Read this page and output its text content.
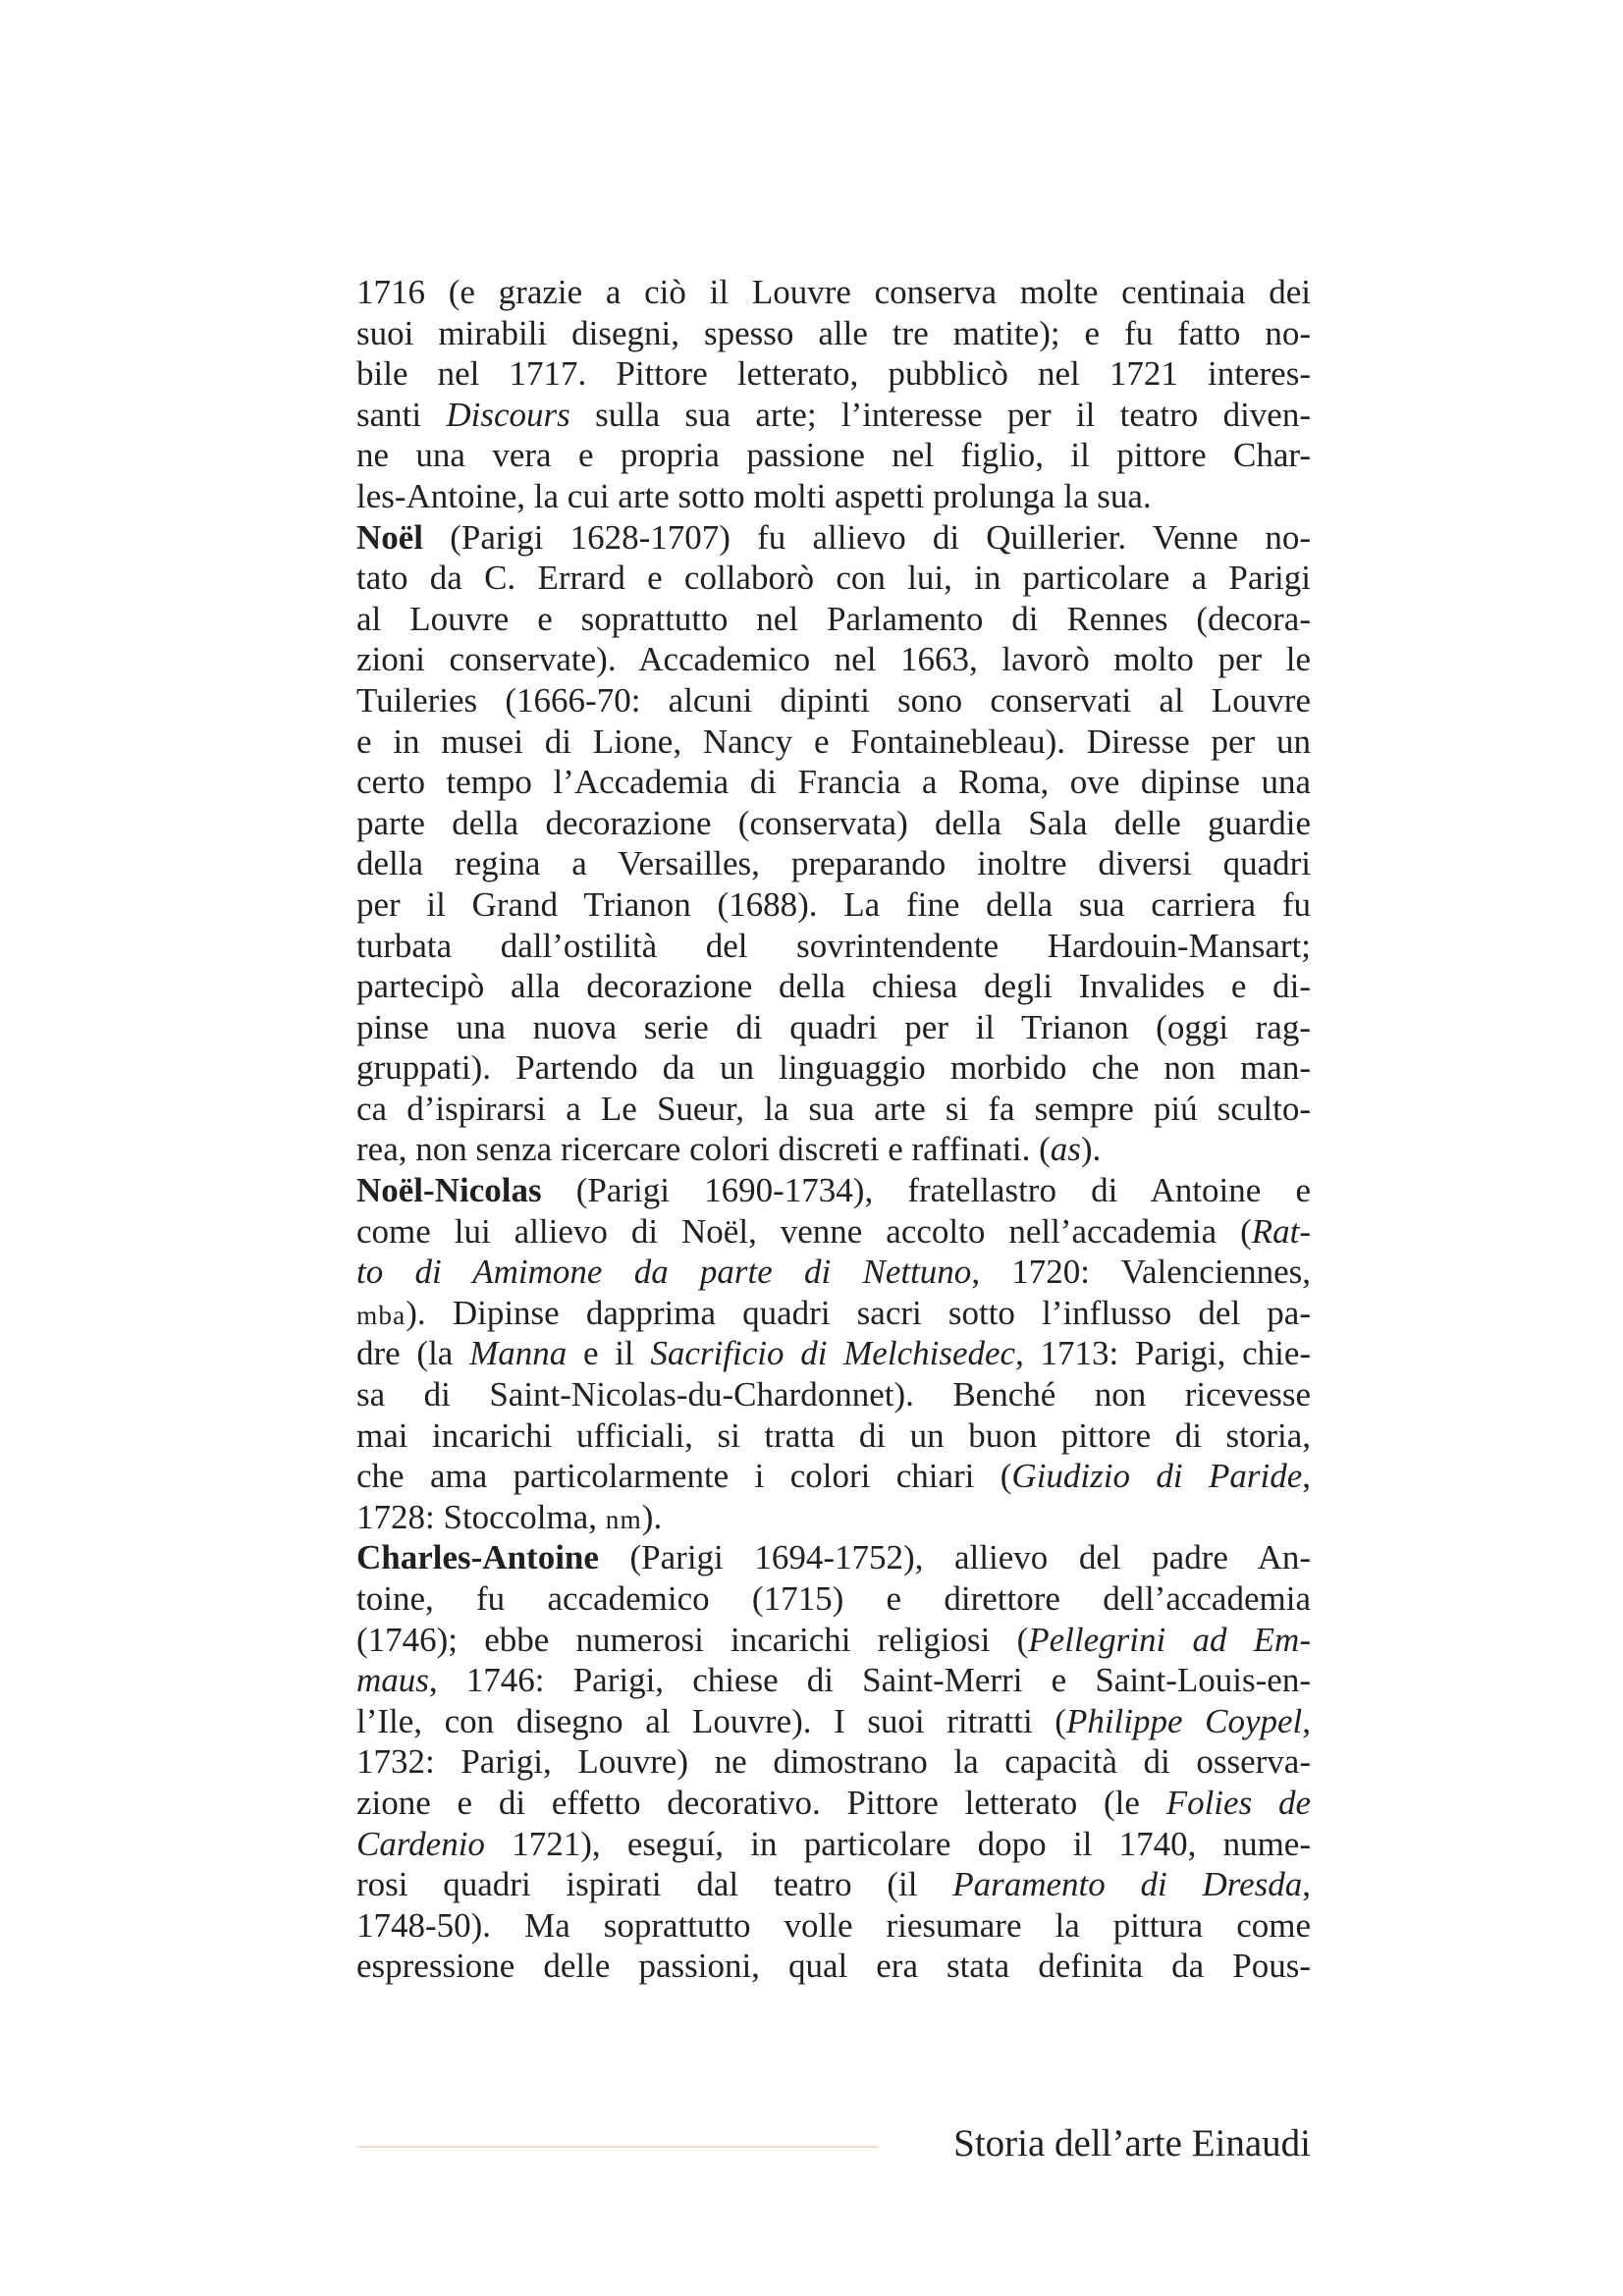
1716 (e grazie a ciò il Louvre conserva molte centinaia dei
suoi mirabili disegni, spesso alle tre matite); e fu fatto no-
bile nel 1717. Pittore letterato, pubblicò nel 1721 interes-
santi Discours sulla sua arte; l’interesse per il teatro diven-
ne una vera e propria passione nel figlio, il pittore Char-
les-Antoine, la cui arte sotto molti aspetti prolunga la sua.
Noël (Parigi 1628-1707) fu allievo di Quillerier. Venne no-
tato da C. Errard e collaborò con lui, in particolare a Parigi
al Louvre e soprattutto nel Parlamento di Rennes (decora-
zioni conservate). Accademico nel 1663, lavorò molto per le
Tuileries (1666-70: alcuni dipinti sono conservati al Louvre
e in musei di Lione, Nancy e Fontainebleau). Diresse per un
certo tempo l’Accademia di Francia a Roma, ove dipinse una
parte della decorazione (conservata) della Sala delle guardie
della regina a Versailles, preparando inoltre diversi quadri
per il Grand Trianon (1688). La fine della sua carriera fu
turbata dall’ostilità del sovrintendente Hardouin-Mansart;
partecipò alla decorazione della chiesa degli Invalides e di-
pinse una nuova serie di quadri per il Trianon (oggi rag-
gruppati). Partendo da un linguaggio morbido che non man-
ca d’ispirarsi a Le Sueur, la sua arte si fa sempre piú sculto-
rea, non senza ricercare colori discreti e raffinati. (as).
Noël-Nicolas (Parigi 1690-1734), fratellastro di Antoine e
come lui allievo di Noël, venne accolto nell’accademia (Rat-
to di Amimone da parte di Nettuno, 1720: Valenciennes,
mba). Dipinse dapprima quadri sacri sotto l’influsso del pa-
dre (la Manna e il Sacrificio di Melchisedec, 1713: Parigi, chie-
sa di Saint-Nicolas-du-Chardonnet). Benché non ricevesse
mai incarichi ufficiali, si tratta di un buon pittore di storia,
che ama particolarmente i colori chiari (Giudizio di Paride,
1728: Stoccolma, nm).
Charles-Antoine (Parigi 1694-1752), allievo del padre An-
toine, fu accademico (1715) e direttore dell’accademia
(1746); ebbe numerosi incarichi religiosi (Pellegrini ad Em-
maus, 1746: Parigi, chiese di Saint-Merri e Saint-Louis-en-
l’Ile, con disegno al Louvre). I suoi ritratti (Philippe Coypel,
1732: Parigi, Louvre) ne dimostrano la capacità di osserva-
zione e di effetto decorativo. Pittore letterato (le Folies de
Cardenio 1721), eseguí, in particolare dopo il 1740, nume-
rosi quadri ispirati dal teatro (il Paramento di Dresda,
1748-50). Ma soprattutto volle riesumare la pittura come
espressione delle passioni, qual era stata definita da Pous-
Storia dell’arte Einaudi
